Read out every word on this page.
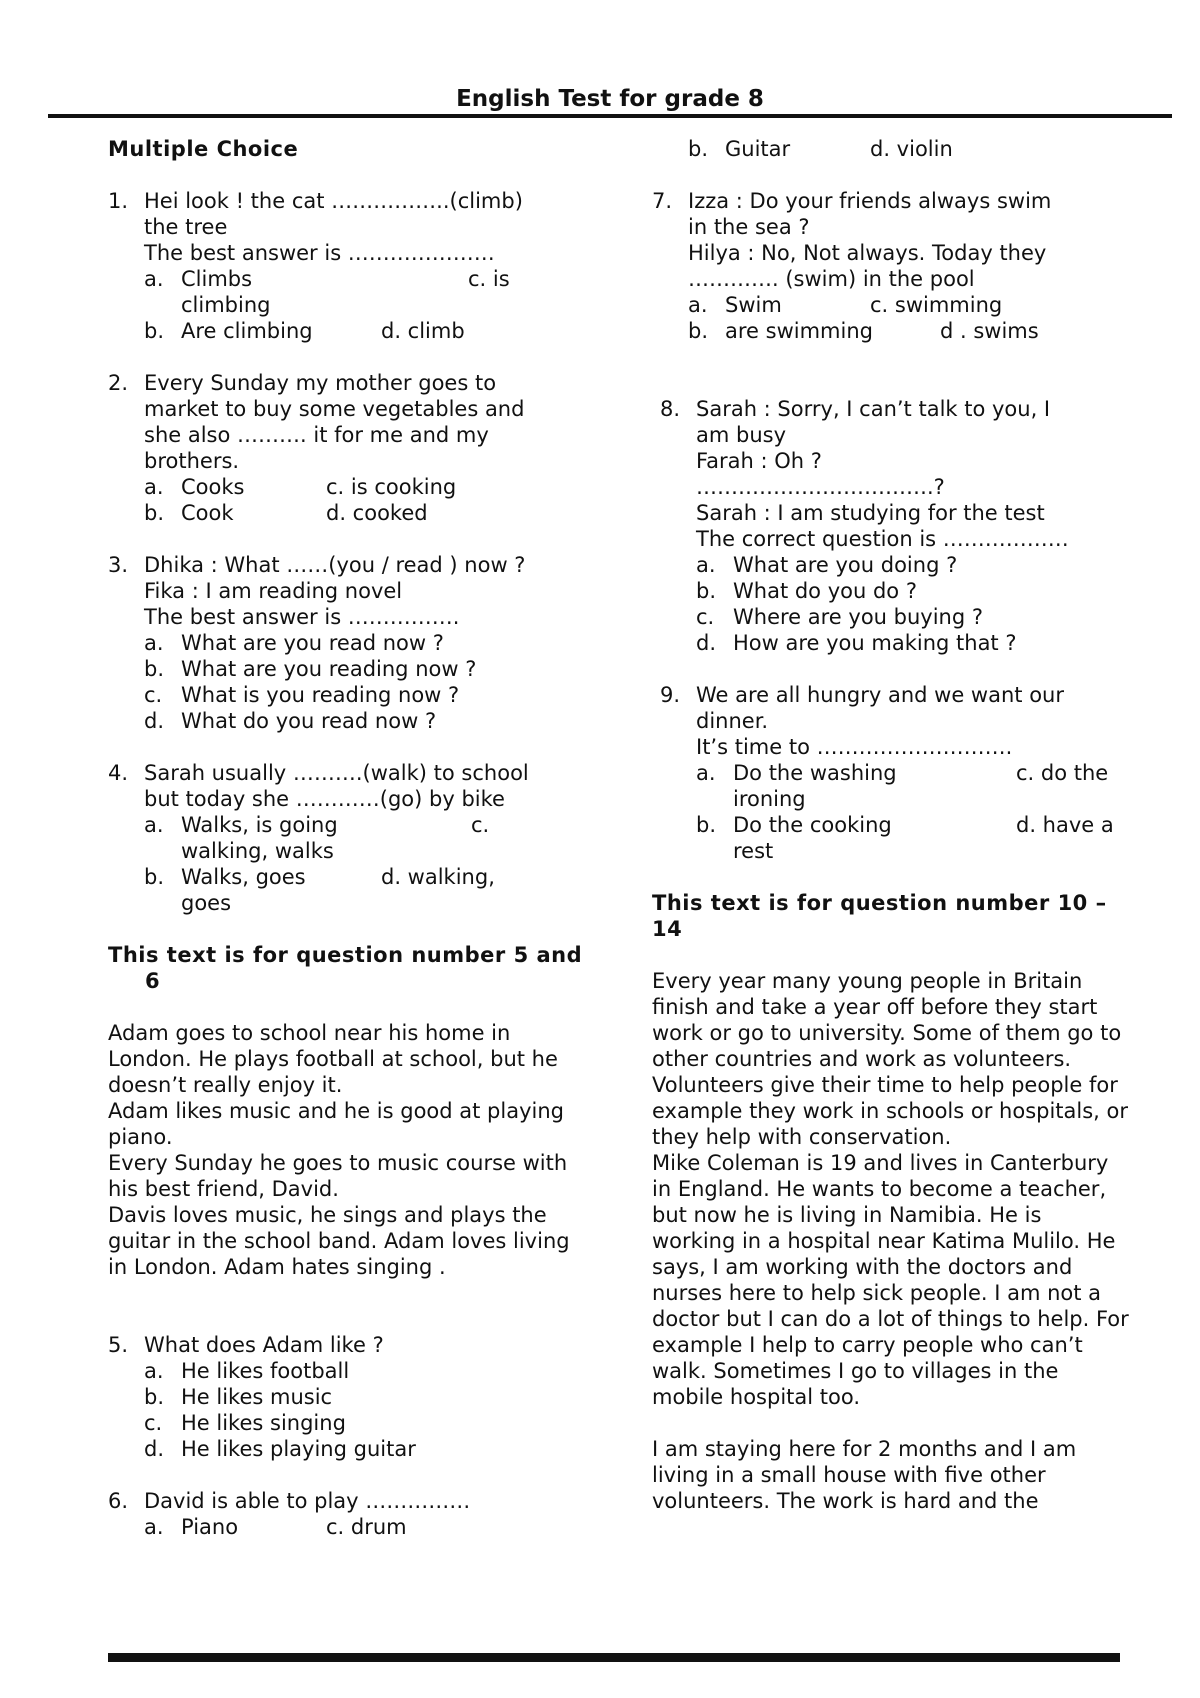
English Test for grade 8
Multiple Choice
1. Hei look ! the cat ……………..(climb)
the tree
The best answer is …………………
a. Climbs	c. is
climbing
b. Are climbing	d. climb
2. Every Sunday my mother goes to
market to buy some vegetables and
she also ………. it for me and my
brothers.
a. Cooks	c. is cooking
b. Cook	d. cooked
3. Dhika : What ……(you / read ) now ?
Fika : I am reading novel
The best answer is …………….
a. What are you read now ?
b. What are you reading now ?
c. What is you reading now ?
d. What do you read now ?
4. Sarah usually ……….(walk) to school
but today she …………(go) by bike
a. Walks, is going	c.
walking, walks
b. Walks, goes	d. walking,
goes
This text is for question number 5 and 6
Adam goes to school near his home in London. He plays football at school, but he doesn’t really enjoy it.
Adam likes music and he is good at playing piano.
Every Sunday he goes to music course with his best friend, David.
Davis loves music, he sings and plays the guitar in the school band. Adam loves living in London. Adam hates singing .
5. What does Adam like ?
a. He likes football
b. He likes music
c. He likes singing
d. He likes playing guitar
6. David is able to play ……………
a. Piano	c. drum
b. Guitar	d. violin
7. Izza : Do your friends always swim
in the sea ?
Hilya : No, Not always. Today they
…………. (swim) in the pool
a. Swim	c. swimming
b. are swimming	d . swims
8. Sarah : Sorry, I can’t talk to you, I
am busy
Farah : Oh ?
…………………………….?
Sarah : I am studying for the test
The correct question is ………………
a. What are you doing ?
b. What do you do ?
c. Where are you buying ?
d. How are you making that ?
9. We are all hungry and we want our
dinner.
It’s time to ……………………….
a. Do the washing	c. do the
ironing
b. Do the cooking	d. have a
rest
This text is for question number 10 – 14
Every year many young people in Britain finish and take a year off before they start work or go to university. Some of them go to other countries and work as volunteers. Volunteers give their time to help people for example they work in schools or hospitals, or they help with conservation.
Mike Coleman is 19 and lives in Canterbury in England. He wants to become a teacher, but now he is living in Namibia. He is working in a hospital near Katima Mulilo. He says, I am working with the doctors and nurses here to help sick people. I am not a doctor but I can do a lot of things to help. For example I help to carry people who can’t walk. Sometimes I go to villages in the mobile hospital too.
I am staying here for 2 months and I am living in a small house with five other volunteers. The work is hard and the
